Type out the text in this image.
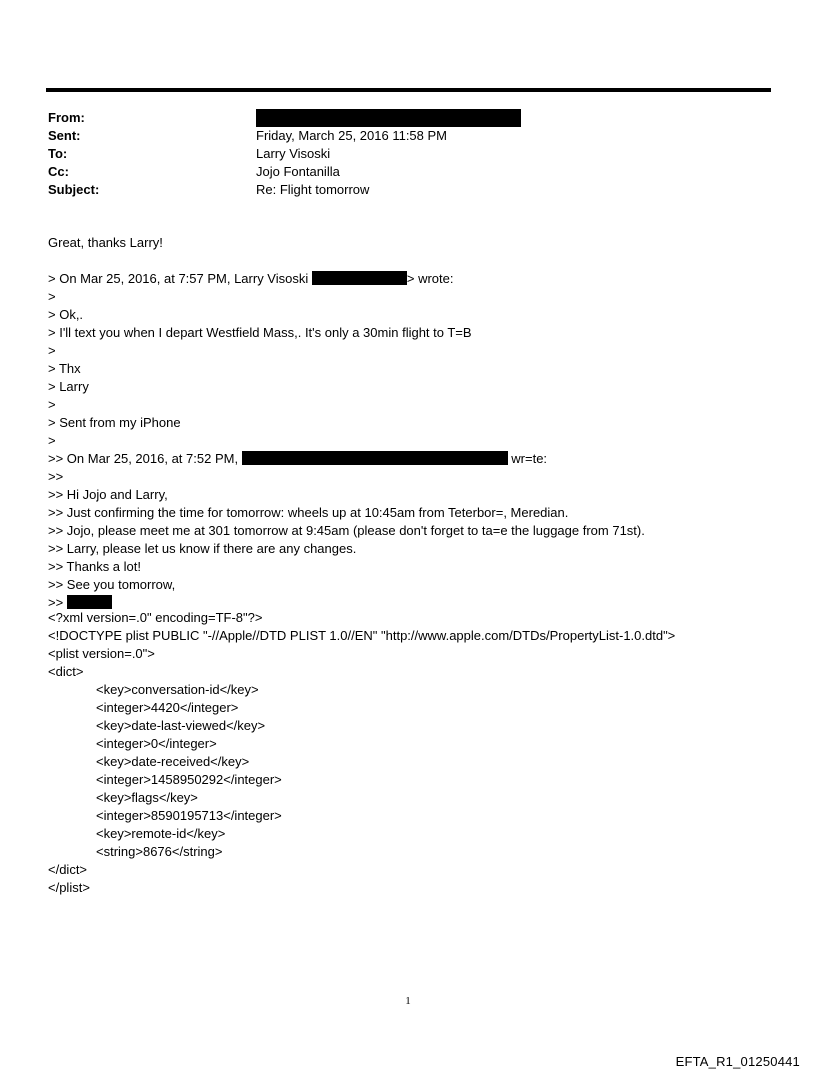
From:
Sent:	Friday, March 25, 2016 11:58 PM
To:	Larry Visoski
Cc:	Jojo Fontanilla
Subject:	Re: Flight tomorrow
Great, thanks Larry!
> On Mar 25, 2016, at 7:57 PM, Larry Visoski	> wrote:
>
> Ok,.
> I'll text you when I depart Westfield Mass,. It's only a 30min flight to T=B
>
> Thx
> Larry
>
> Sent from my iPhone
>
>> On Mar 25, 2016, at 7:52 PM,	wr=te:
>>
>> Hi Jojo and Larry,
>> Just confirming the time for tomorrow: wheels up at 10:45am from Teterbor=, Meredian.
>> Jojo, please meet me at 301 tomorrow at 9:45am (please don't forget to ta=e the luggage from 71st).
>> Larry, please let us know if there are any changes.
>> Thanks a lot!
>> See you tomorrow,
>>
<?xml version=.0" encoding=TF-8"?>
<!DOCTYPE plist PUBLIC "-//Apple//DTD PLIST 1.0//EN" "http://www.apple.com/DTDs/PropertyList-1.0.dtd">
<plist version=.0">
<dict>
<key>conversation-id</key>
<integer>4420</integer>
<key>date-last-viewed</key>
<integer>0</integer>
<key>date-received</key>
<integer>1458950292</integer>
<key>flags</key>
<integer>8590195713</integer>
<key>remote-id</key>
<string>8676</string>
</dict>
</plist>
1
EFTA_R1_01250441
